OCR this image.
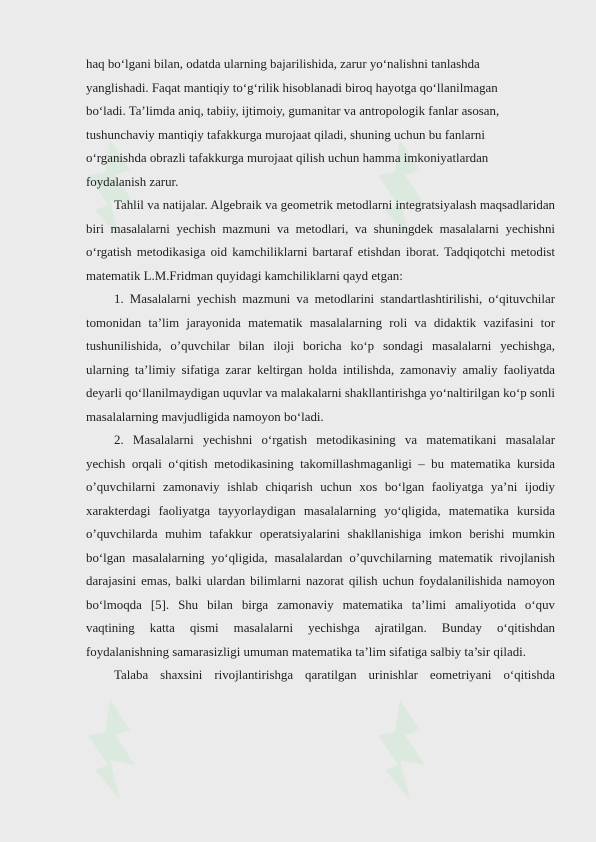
haq bo‘lgani bilan, odatda ularning bajarilishida, zarur yo‘nalishni tanlashda
yanglishadi. Faqat mantiqiy to‘g‘rilik hisoblanadi biroq hayotga qo‘llanilmagan
bo‘ladi. Ta’limda aniq, tabiiy, ijtimoiy, gumanitar va antropologik fanlar asosan,
tushunchaviy mantiqiy tafakkurga murojaat qiladi, shuning uchun bu fanlarni
o‘rganishda obrazli tafakkurga murojaat qilish uchun hamma imkoniyatlardan
foydalanish zarur.

Tahlil va natijalar. Algebraik va geometrik metodlarni integratsiyalash maqsadlaridan biri masalalarni yechish mazmuni va metodlari, va shuningdek masalalarni yechishni o‘rgatish metodikasiga oid kamchiliklarni bartaraf etishdan iborat. Tadqiqotchi metodist matematik L.M.Fridman quyidagi kamchiliklarni qayd etgan:

1. Masalalarni yechish mazmuni va metodlarini standartlashtirilishi, o‘qituvchilar tomonidan ta’lim jarayonida matematik masalalarning roli va didaktik vazifasini tor tushunilishida, o’quvchilar bilan iloji boricha ko‘p sondagi masalalarni yechishga, ularning ta’limiy sifatiga zarar keltirgan holda intilishda, zamonaviy amaliy faoliyatda deyarli qo‘llanilmaydigan uquvlar va malakalarni shakllantirishga yo‘naltirilgan ko‘p sonli masalalarning mavjudligida namoyon bo‘ladi.

2. Masalalarni yechishni o‘rgatish metodikasining va matematikani masalalar yechish orqali o‘qitish metodikasining takomillashmaganligi – bu matematika kursida o’quvchilarni zamonaviy ishlab chiqarish uchun xos bo‘lgan faoliyatga ya’ni ijodiy xarakterdagi faoliyatga tayyorlaydigan masalalarning yo‘qligida, matematika kursida o’quvchilarda muhim tafakkur operatsiyalarini shakllanishiga imkon berishi mumkin bo‘lgan masalalarning yo‘qligida, masalalardan o’quvchilarning matematik rivojlanish darajasini emas, balki ulardan bilimlarni nazorat qilish uchun foydalanilishida namoyon bo‘lmoqda [5]. Shu bilan birga zamonaviy matematika ta’limi amaliyotida o‘quv vaqtining katta qismi masalalarni yechishga ajratilgan. Bunday o‘qitishdan foydalanishning samarasizligi umuman matematika ta’lim sifatiga salbiy ta’sir qiladi.

Talaba shaxsini rivojlantirishga qaratilgan urinishlar eometriyani o‘qitishda
